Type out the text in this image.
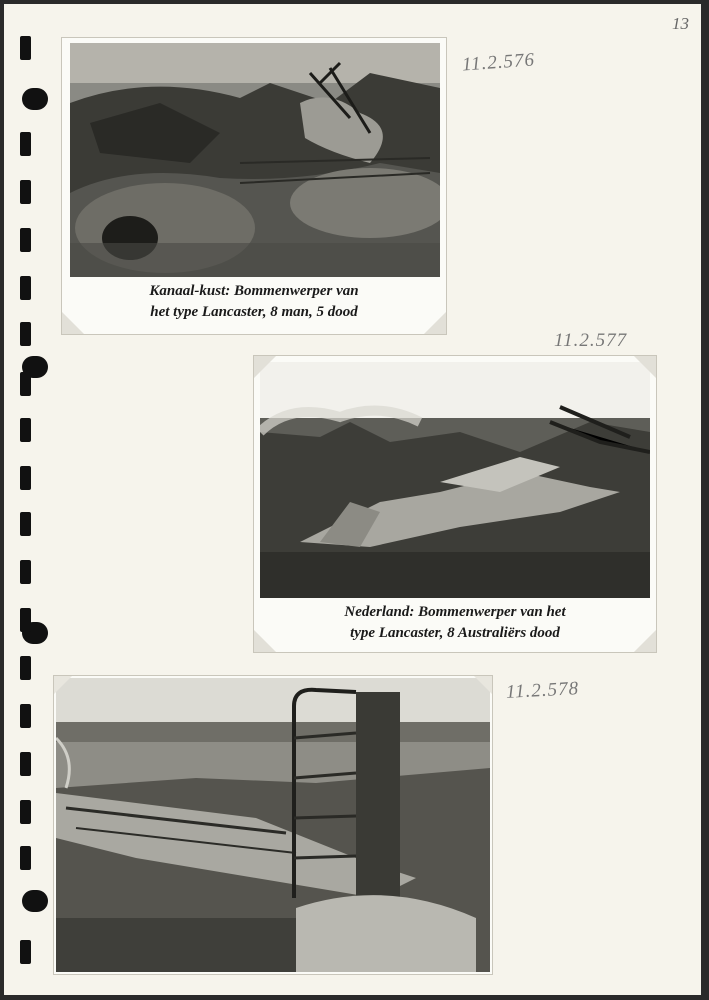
13
11.2.576
Kanaal-kust: Bommenwerper van
het type Lancaster, 8 man, 5 dood
11.2.577
Nederland: Bommenwerper van het
type Lancaster, 8 Australiërs dood
11.2.578
